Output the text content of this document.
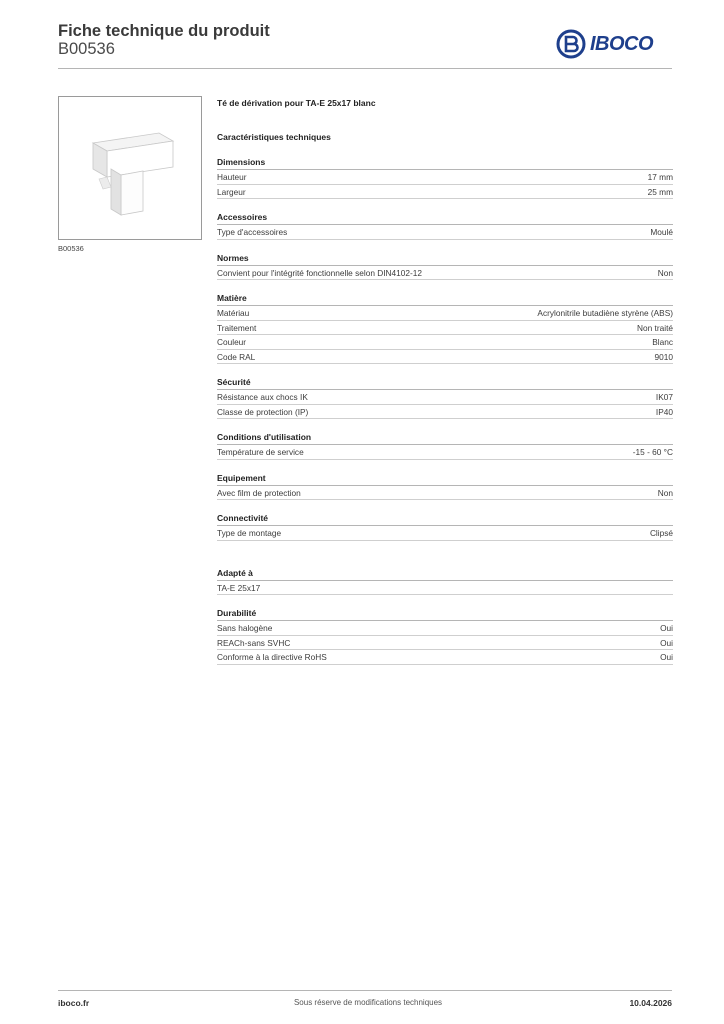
Fiche technique du produit
B00536	IBOCO
B00536
Té de dérivation pour TA-E 25x17 blanc
Caractéristiques techniques
Dimensions
Hauteur	17 mm
Largeur	25 mm
Accessoires
Type d'accessoires	Moulé
Normes
Convient pour l'intégrité fonctionnelle selon DIN4102-12	Non
Matière
Matériau	Acrylonitrile butadiène styrène (ABS)
Traitement	Non traité
Couleur	Blanc
Code RAL	9010
Sécurité
Résistance aux chocs IK	IK07
Classe de protection (IP)	IP40
Conditions d'utilisation
Température de service	-15 - 60 °C
Equipement
Avec film de protection	Non
Connectivité
Type de montage	Clipsé
Adapté à
TA-E 25x17
Durabilité
Sans halogène	Oui
REACh-sans SVHC	Oui
Conforme à la directive RoHS	Oui
iboco.fr	Sous réserve de modifications techniques	10.04.2026
